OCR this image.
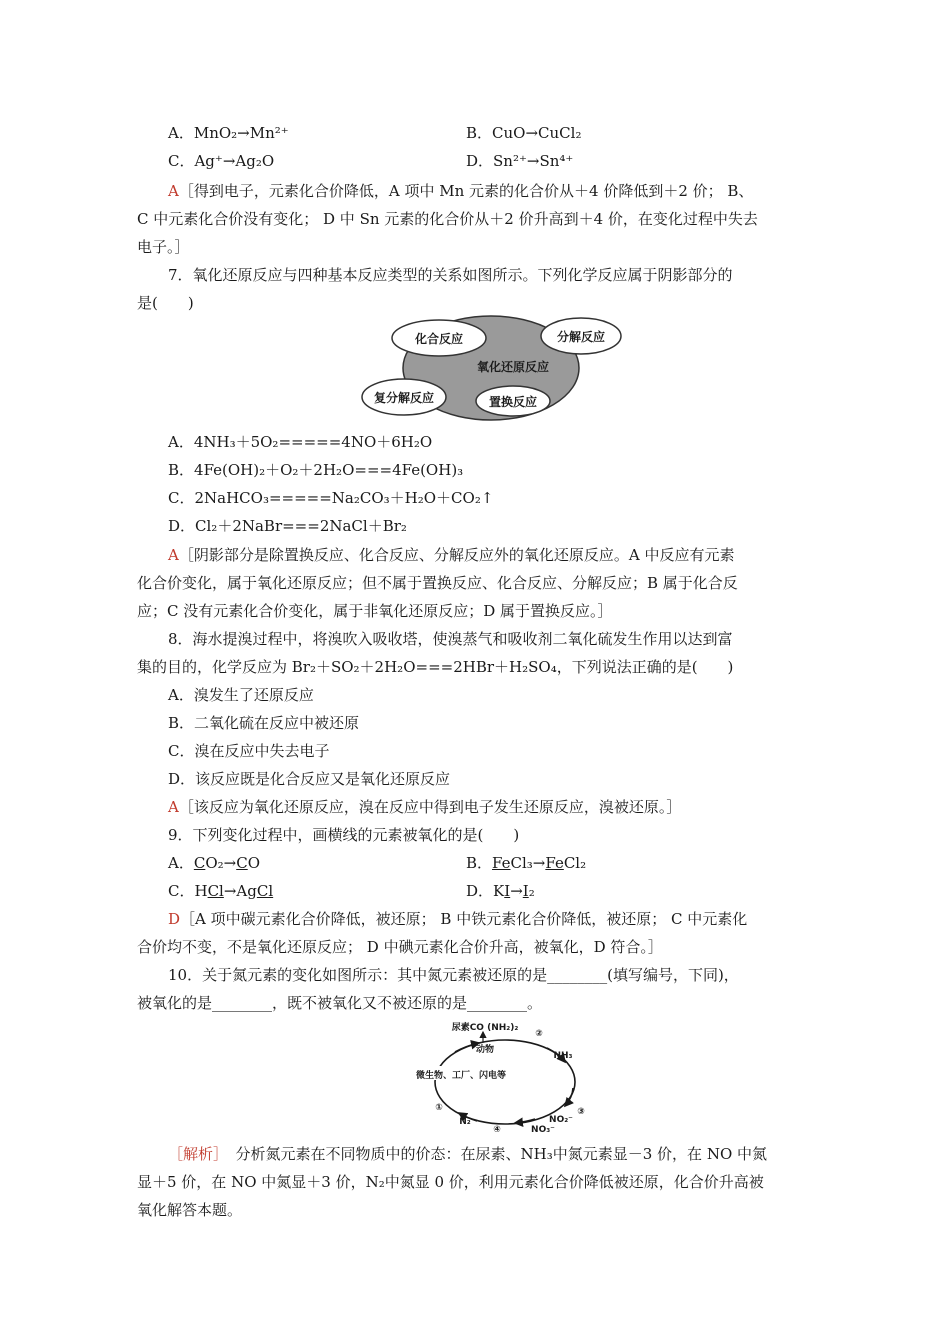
A．MnO₂→Mn²⁺	B．CuO→CuCl₂
C．Ag⁺→Ag₂O	D．Sn²⁺→Sn⁴⁺
A［得到电子，元素化合价降低，A 项中 Mn 元素的化合价从＋4 价降低到＋2 价； B、
C 中元素化合价没有变化； D 中 Sn 元素的化合价从＋2 价升高到＋4 价，在变化过程中失去
电子。］
7．氧化还原反应与四种基本反应类型的关系如图所示。下列化学反应属于阴影部分的
是(　　)
化合反应	分解反应
氧化还原反应
复分解反应	置换反应
A．4NH₃＋5O₂=====4NO＋6H₂O
B．4Fe(OH)₂＋O₂＋2H₂O===4Fe(OH)₃
C．2NaHCO₃=====Na₂CO₃＋H₂O＋CO₂↑
D．Cl₂＋2NaBr===2NaCl＋Br₂
A［阴影部分是除置换反应、化合反应、分解反应外的氧化还原反应。A 中反应有元素
化合价变化，属于氧化还原反应；但不属于置换反应、化合反应、分解反应；B 属于化合反
应；C 没有元素化合价变化，属于非氧化还原反应；D 属于置换反应。］
8．海水提溴过程中，将溴吹入吸收塔，使溴蒸气和吸收剂二氧化硫发生作用以达到富
集的目的，化学反应为 Br₂＋SO₂＋2H₂O===2HBr＋H₂SO₄，下列说法正确的是(　　)
A．溴发生了还原反应
B．二氧化硫在反应中被还原
C．溴在反应中失去电子
D．该反应既是化合反应又是氧化还原反应
A［该反应为氧化还原反应，溴在反应中得到电子发生还原反应，溴被还原。］
9．下列变化过程中，画横线的元素被氧化的是(　　)
A．CO₂→CO	B．FeCl₃→FeCl₂
C．HCl→AgCl	D．KI→I₂
D［A 项中碳元素化合价降低，被还原； B 中铁元素化合价降低，被还原； C 中元素化
合价均不变，不是氧化还原反应； D 中碘元素化合价升高，被氧化，D 符合。］
10．关于氮元素的变化如图所示：其中氮元素被还原的是________(填写编号，下同)，
被氧化的是________，既不被氧化又不被还原的是________。
尿素CO (NH₂)₂
动物
NH₃
NO₂⁻
NO₃⁻
N₂
微生物、工厂、闪电等
①
②
③
④
［解析］　分析氮元素在不同物质中的价态：在尿素、NH₃中氮元素显－3 价，在 NO 中氮
显＋5 价，在 NO 中氮显＋3 价，N₂中氮显 0 价，利用元素化合价降低被还原，化合价升高被
氧化解答本题。
